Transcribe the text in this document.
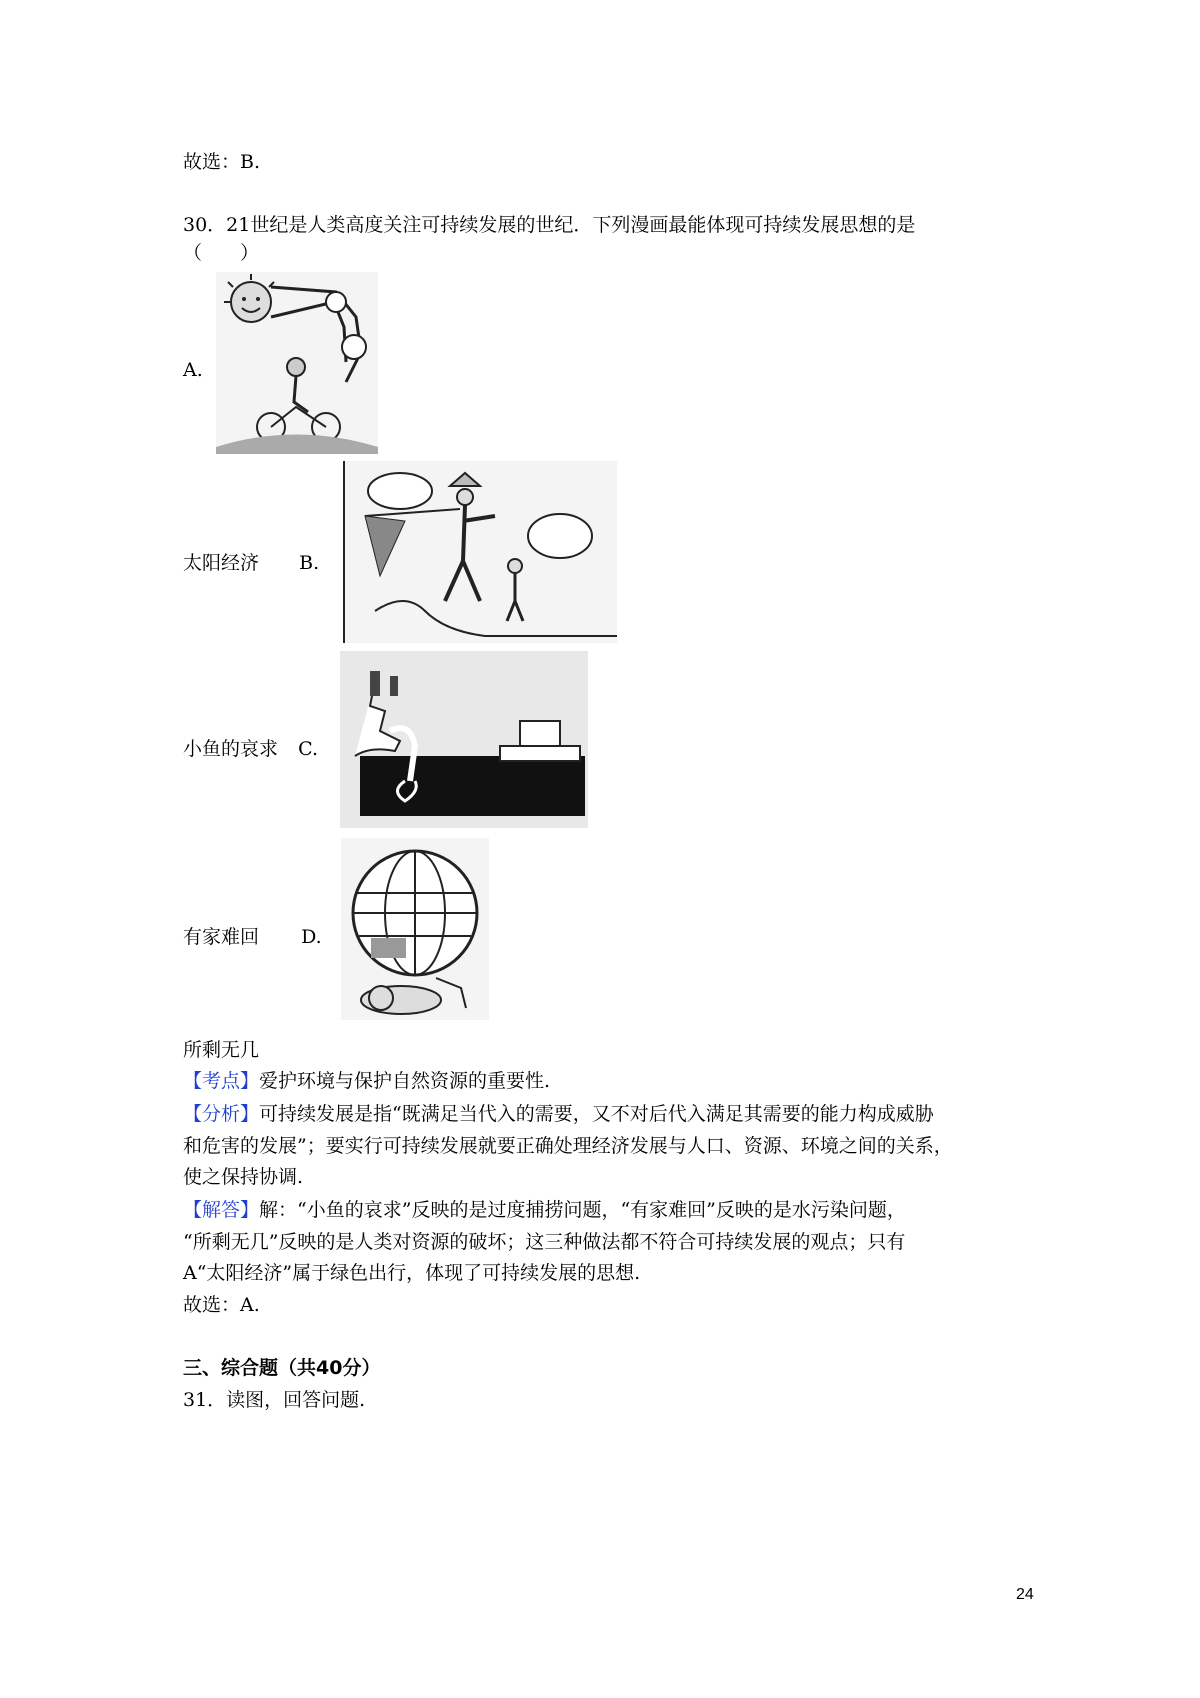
故选：B.
30．21世纪是人类高度关注可持续发展的世纪．下列漫画最能体现可持续发展思想的是
（　　）
A.
太阳经济 B.
小鱼的哀求 C.
有家难回 D.
所剩无几
【考点】爱护环境与保护自然资源的重要性.
【分析】可持续发展是指“既满足当代入的需要，又不对后代入满足其需要的能力构成威胁
和危害的发展”；要实行可持续发展就要正确处理经济发展与人口、资源、环境之间的关系，
使之保持协调.
【解答】解：“小鱼的哀求”反映的是过度捕捞问题，“有家难回”反映的是水污染问题，
“所剩无几”反映的是人类对资源的破坏；这三种做法都不符合可持续发展的观点；只有
A“太阳经济”属于绿色出行，体现了可持续发展的思想.
故选：A.
三、综合题（共40分）
31．读图，回答问题.
24
